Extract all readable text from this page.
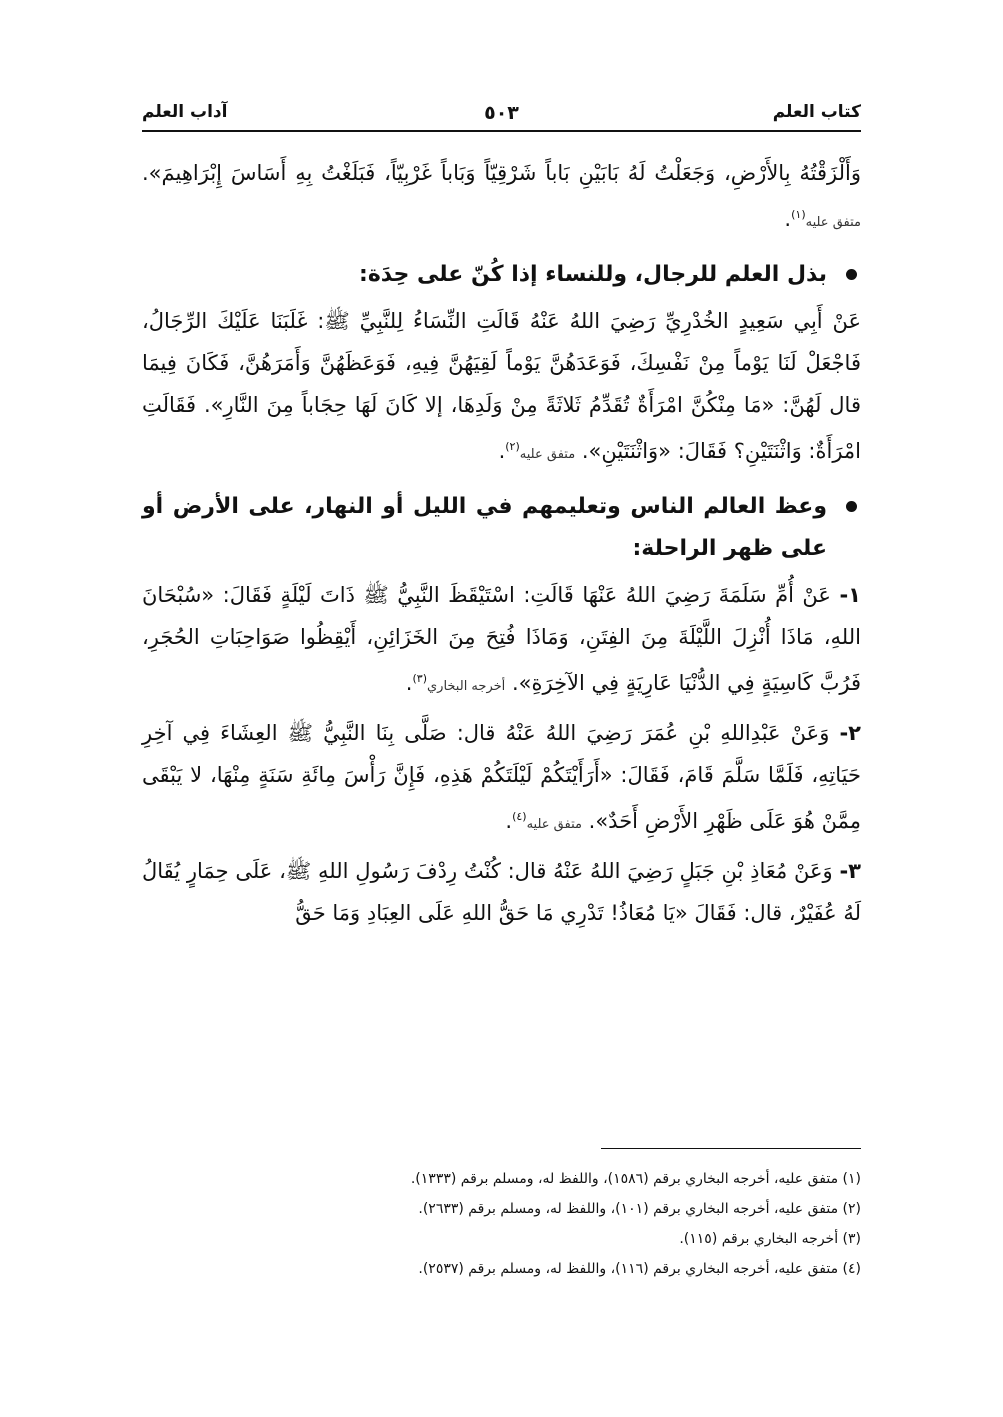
كتاب العلم
٥٠٣
آداب العلم

وَأَلْزَقْتُهُ بِالأَرْضِ، وَجَعَلْتُ لَهُ بَابَيْنِ بَاباً شَرْقِيّاً وَبَاباً غَرْبِيّاً، فَبَلَغْتُ بِهِ أَسَاسَ إِبْرَاهِيمَ». متفق عليه$^{(١)}$.

بذل العلم للرجال، وللنساء إذا كُنّ على حِدَة:

عَنْ أَبِي سَعِيدٍ الخُدْرِيِّ رَضِيَ اللهُ عَنْهُ قَالَتِ النِّسَاءُ لِلنَّبِيِّ ﷺ: غَلَبَنَا عَلَيْكَ الرِّجَالُ، فَاجْعَلْ لَنَا يَوْماً مِنْ نَفْسِكَ، فَوَعَدَهُنَّ يَوْماً لَقِيَهُنَّ فِيهِ، فَوَعَظَهُنَّ وَأَمَرَهُنَّ، فَكَانَ فِيمَا قال لَهُنَّ: «مَا مِنْكُنَّ امْرَأَةٌ تُقَدِّمُ ثَلاثَةً مِنْ وَلَدِهَا، إلا كَانَ لَهَا حِجَاباً مِنَ النَّارِ». فَقَالَتِ امْرَأَةٌ: وَاثْنَتَيْنِ؟ فَقَالَ: «وَاثْنَتَيْنِ». متفق عليه$^{(٢)}$.

وعظ العالم الناس وتعليمهم في الليل أو النهار، على الأرض أو على ظهر الراحلة:

١- عَنْ أُمِّ سَلَمَةَ رَضِيَ اللهُ عَنْهَا قَالَتِ: اسْتَيْقَظَ النَّبِيُّ ﷺ ذَاتَ لَيْلَةٍ فَقَالَ: «سُبْحَانَ اللهِ، مَاذَا أُنْزِلَ اللَّيْلَةَ مِنَ الفِتَنِ، وَمَاذَا فُتِحَ مِنَ الخَزَائِنِ، أَيْقِظُوا صَوَاحِبَاتِ الحُجَرِ، فَرُبَّ كَاسِيَةٍ فِي الدُّنْيَا عَارِيَةٍ فِي الآخِرَةِ». أخرجه البخاري$^{(٣)}$.

٢- وَعَنْ عَبْدِاللهِ بْنِ عُمَرَ رَضِيَ اللهُ عَنْهُ قال: صَلَّى بِنَا النَّبِيُّ ﷺ العِشَاءَ فِي آخِرِ حَيَاتِهِ، فَلَمَّا سَلَّمَ قَامَ، فَقَالَ: «أَرَأَيْتَكُمْ لَيْلَتَكُمْ هَذِهِ، فَإِنَّ رَأْسَ مِائَةِ سَنَةٍ مِنْهَا، لا يَبْقَى مِمَّنْ هُوَ عَلَى ظَهْرِ الأَرْضِ أَحَدٌ». متفق عليه$^{(٤)}$.

٣- وَعَنْ مُعَاذِ بْنِ جَبَلٍ رَضِيَ اللهُ عَنْهُ قال: كُنْتُ رِدْفَ رَسُولِ اللهِ ﷺ، عَلَى حِمَارٍ يُقَالُ لَهُ عُفَيْرٌ، قال: فَقَالَ «يَا مُعَاذُ! تَدْرِي مَا حَقُّ اللهِ عَلَى العِبَادِ وَمَا حَقُّ

(١) متفق عليه، أخرجه البخاري برقم (١٥٨٦)، واللفظ له، ومسلم برقم (١٣٣٣).

(٢) متفق عليه، أخرجه البخاري برقم (١٠١)، واللفظ له، ومسلم برقم (٢٦٣٣).

(٣) أخرجه البخاري برقم (١١٥).

(٤) متفق عليه، أخرجه البخاري برقم (١١٦)، واللفظ له، ومسلم برقم (٢٥٣٧).
